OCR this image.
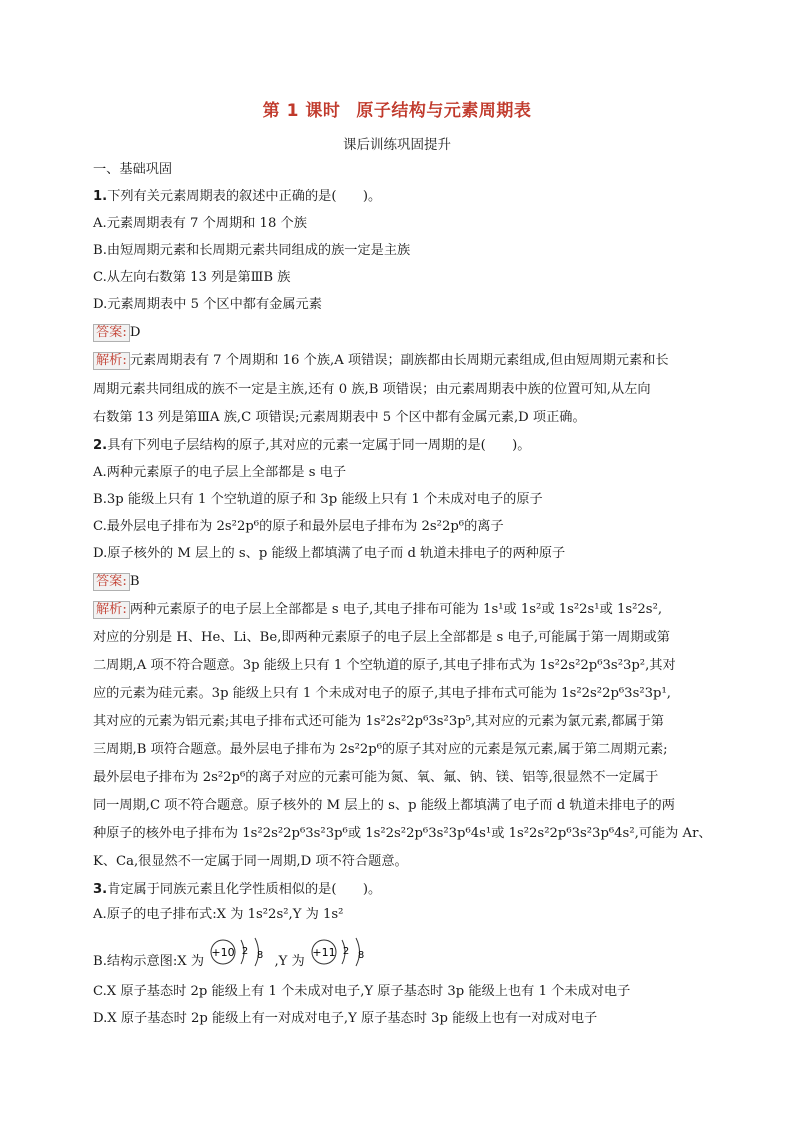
第 1 课时 原子结构与元素周期表
课后训练巩固提升
一、基础巩固
1.下列有关元素周期表的叙述中正确的是(　　)。
A.元素周期表有 7 个周期和 18 个族
B.由短周期元素和长周期元素共同组成的族一定是主族
C.从左向右数第 13 列是第ⅢB 族
D.元素周期表中 5 个区中都有金属元素
答案: D
解析: 元素周期表有 7 个周期和 16 个族,A 项错误；副族都由长周期元素组成,但由短周期元素和长
周期元素共同组成的族不一定是主族,还有 0 族,B 项错误；由元素周期表中族的位置可知,从左向
右数第 13 列是第ⅢA 族,C 项错误;元素周期表中 5 个区中都有金属元素,D 项正确。
2.具有下列电子层结构的原子,其对应的元素一定属于同一周期的是(　　)。
A.两种元素原子的电子层上全部都是 s 电子
B.3p 能级上只有 1 个空轨道的原子和 3p 能级上只有 1 个未成对电子的原子
C.最外层电子排布为 2s²2p⁶的原子和最外层电子排布为 2s²2p⁶的离子
D.原子核外的 M 层上的 s、p 能级上都填满了电子而 d 轨道未排电子的两种原子
答案: B
解析: 两种元素原子的电子层上全部都是 s 电子,其电子排布可能为 1s¹或 1s²或 1s²2s¹或 1s²2s²,
对应的分别是 H、He、Li、Be,即两种元素原子的电子层上全部都是 s 电子,可能属于第一周期或第
二周期,A 项不符合题意。3p 能级上只有 1 个空轨道的原子,其电子排布式为 1s²2s²2p⁶3s²3p²,其对
应的元素为硅元素。3p 能级上只有 1 个未成对电子的原子,其电子排布式可能为 1s²2s²2p⁶3s²3p¹,
其对应的元素为铝元素;其电子排布式还可能为 1s²2s²2p⁶3s²3p⁵,其对应的元素为氯元素,都属于第
三周期,B 项符合题意。最外层电子排布为 2s²2p⁶的原子其对应的元素是氖元素,属于第二周期元素;
最外层电子排布为 2s²2p⁶的离子对应的元素可能为氮、氧、氟、钠、镁、铝等,很显然不一定属于
同一周期,C 项不符合题意。原子核外的 M 层上的 s、p 能级上都填满了电子而 d 轨道未排电子的两
种原子的核外电子排布为 1s²2s²2p⁶3s²3p⁶或 1s²2s²2p⁶3s²3p⁶4s¹或 1s²2s²2p⁶3s²3p⁶4s²,可能为 Ar、
K、Ca,很显然不一定属于同一周期,D 项不符合题意。
3.肯定属于同族元素且化学性质相似的是(　　)。
A.原子的电子排布式:X 为 1s²2s²,Y 为 1s²
B.结构示意图:X 为
+10 2 8 ,Y 为
+11 2 8
C.X 原子基态时 2p 能级上有 1 个未成对电子,Y 原子基态时 3p 能级上也有 1 个未成对电子
D.X 原子基态时 2p 能级上有一对成对电子,Y 原子基态时 3p 能级上也有一对成对电子
